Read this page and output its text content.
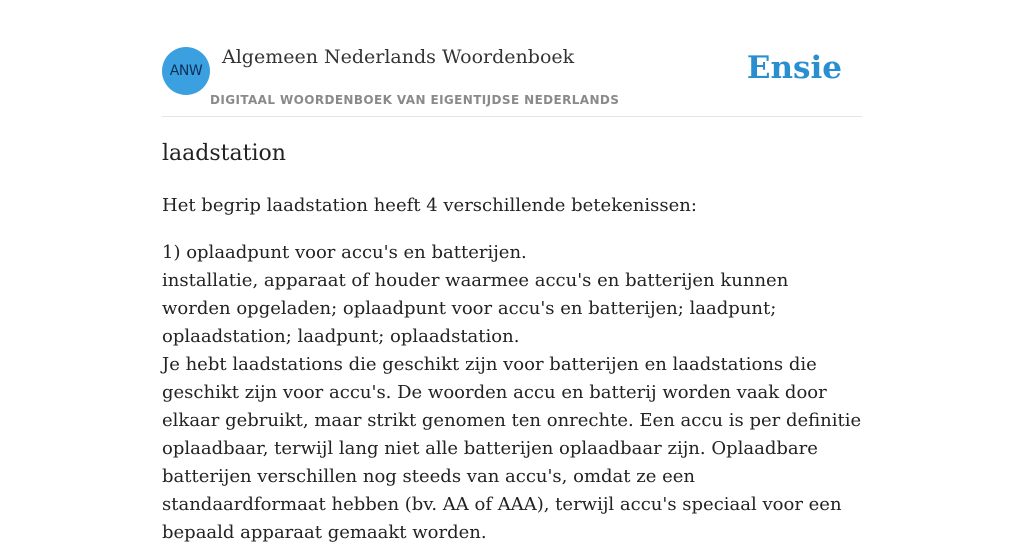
ANW
Algemeen Nederlands Woordenboek
DIGITAAL WOORDENBOEK VAN EIGENTIJDSE NEDERLANDS
Ensie
laadstation

Het begrip laadstation heeft 4 verschillende betekenissen:

1) oplaadpunt voor accu's en batterijen.
installatie, apparaat of houder waarmee accu's en batterijen kunnen worden opgeladen; oplaadpunt voor accu's en batterijen; laadpunt; oplaadstation; laadpunt; oplaadstation.
Je hebt laadstations die geschikt zijn voor batterijen en laadstations die geschikt zijn voor accu's. De woorden accu en batterij worden vaak door elkaar gebruikt, maar strikt genomen ten onrechte. Een accu is per definitie oplaadbaar, terwijl lang niet alle batterijen oplaadbaar zijn. Oplaadbare batterijen verschillen nog steeds van accu's, omdat ze een standaardformaat hebben (bv. AA of AAA), terwijl accu's speciaal voor een bepaald apparaat gemaakt worden.
